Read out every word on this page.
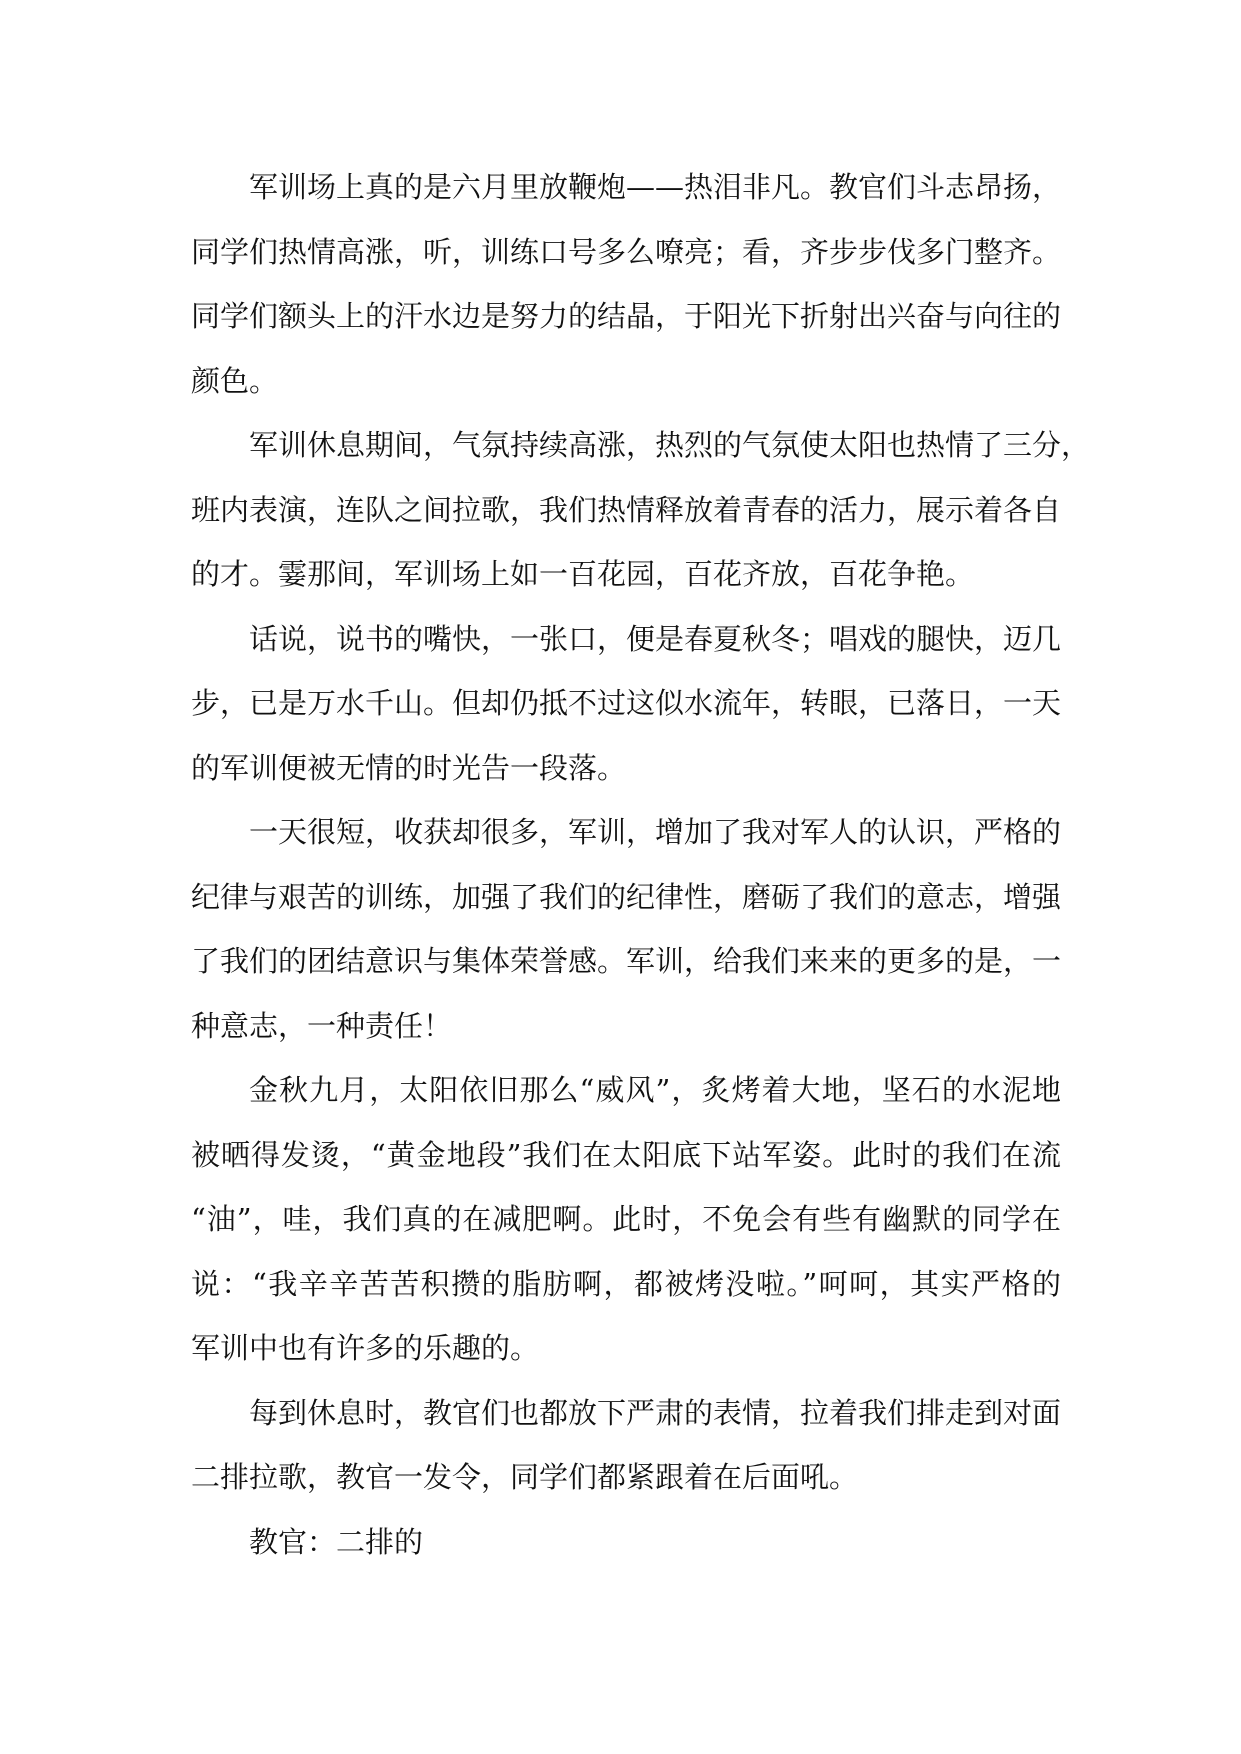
军训场上真的是六月里放鞭炮——热泪非凡。教官们斗志昂扬，
同学们热情高涨，听，训练口号多么嘹亮；看，齐步步伐多门整齐。
同学们额头上的汗水边是努力的结晶，于阳光下折射出兴奋与向往的
颜色。
军训休息期间，气氛持续高涨，热烈的气氛使太阳也热情了三分，
班内表演，连队之间拉歌，我们热情释放着青春的活力，展示着各自
的才。霎那间，军训场上如一百花园，百花齐放，百花争艳。
话说，说书的嘴快，一张口，便是春夏秋冬；唱戏的腿快，迈几
步，已是万水千山。但却仍抵不过这似水流年，转眼，已落日，一天
的军训便被无情的时光告一段落。
一天很短，收获却很多，军训，增加了我对军人的认识，严格的
纪律与艰苦的训练，加强了我们的纪律性，磨砺了我们的意志，增强
了我们的团结意识与集体荣誉感。军训，给我们来来的更多的是，一
种意志，一种责任！
金秋九月，太阳依旧那么“威风”，炙烤着大地，坚石的水泥地
被晒得发烫，“黄金地段”我们在太阳底下站军姿。此时的我们在流
“油”，哇，我们真的在减肥啊。此时，不免会有些有幽默的同学在
说：“我辛辛苦苦积攒的脂肪啊，都被烤没啦。”呵呵，其实严格的
军训中也有许多的乐趣的。
每到休息时，教官们也都放下严肃的表情，拉着我们排走到对面
二排拉歌，教官一发令，同学们都紧跟着在后面吼。
教官：二排的
